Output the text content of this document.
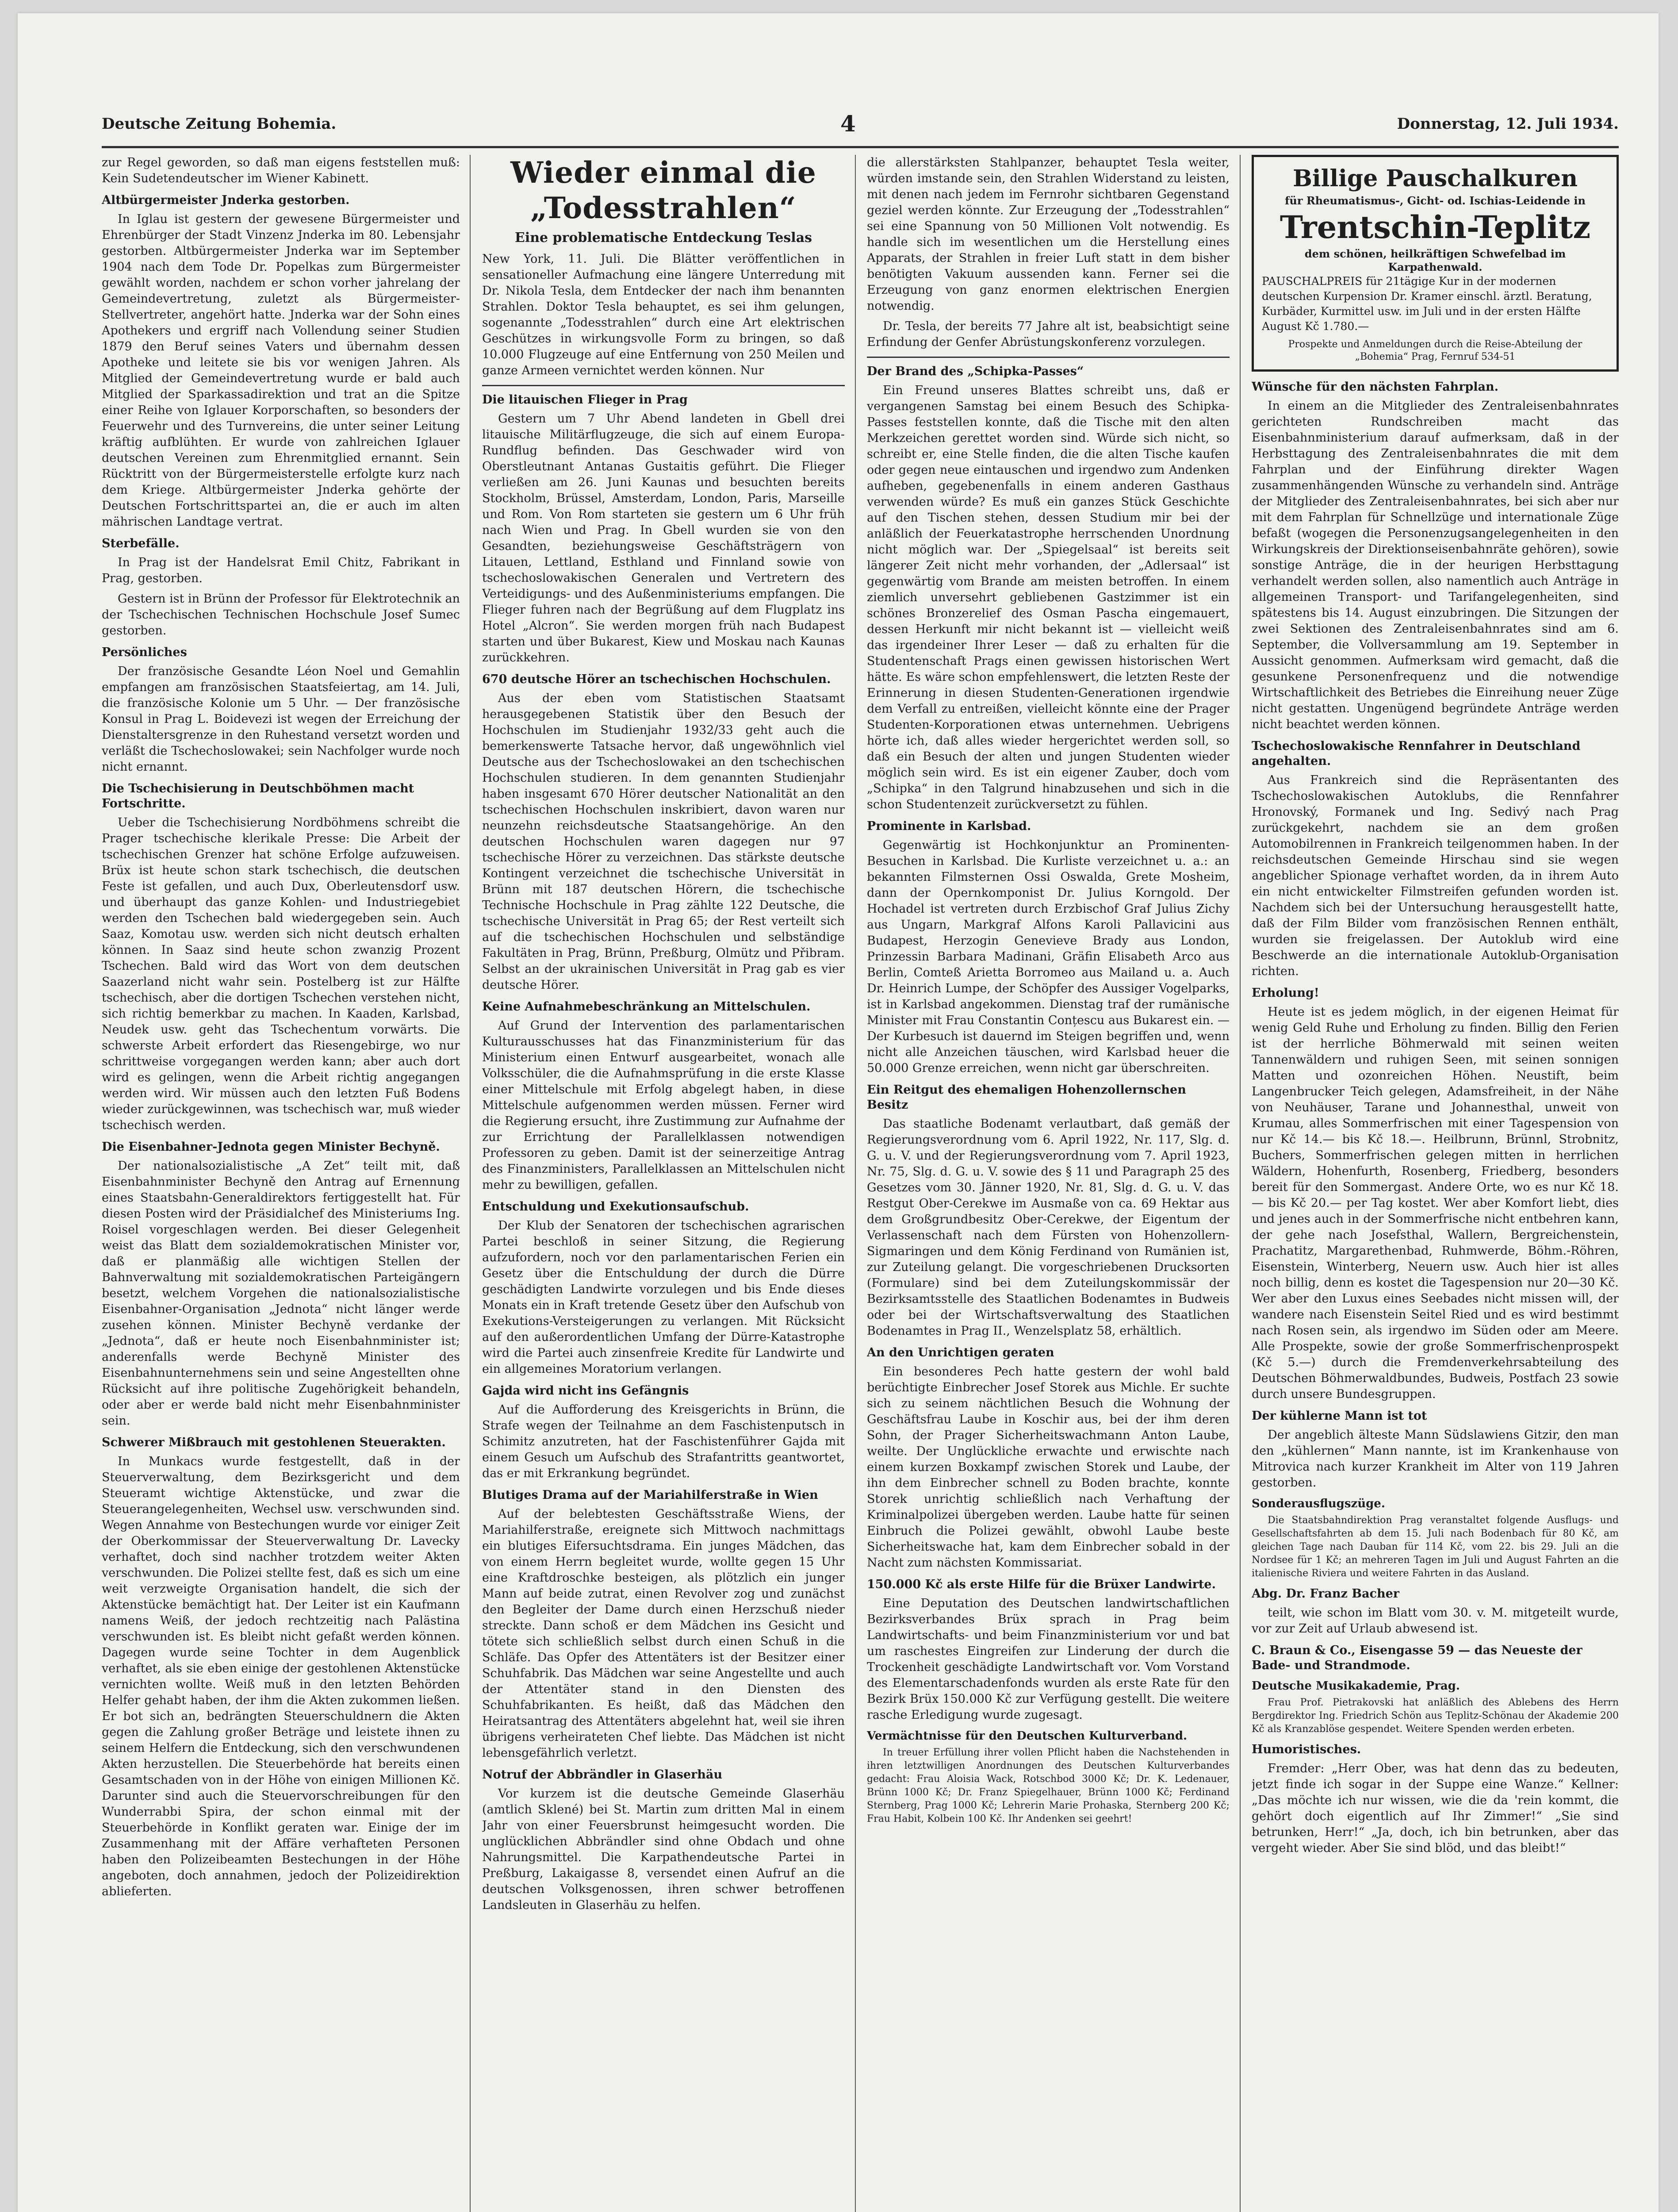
Deutsche Zeitung Bohemia.	4	Donnerstag, 12. Juli 1934.

zur Regel geworden, so daß man eigens feststellen muß: Kein Sudetendeutscher im Wiener Kabinett.

Altbürgermeister Jnderka gestorben.

In Iglau ist gestern der gewesene Bürgermeister und Ehrenbürger der Stadt Vinzenz Jnderka im 80. Lebensjahr gestorben. Altbürgermeister Jnderka war im September 1904 nach dem Tode Dr. Popelkas zum Bürgermeister gewählt worden, nachdem er schon vorher jahrelang der Gemeindevertretung, zuletzt als Bürgermeister-Stellvertreter, angehört hatte. Jnderka war der Sohn eines Apothekers und ergriff nach Vollendung seiner Studien 1879 den Beruf seines Vaters und übernahm dessen Apotheke und leitete sie bis vor wenigen Jahren. Als Mitglied der Gemeindevertretung wurde er bald auch Mitglied der Sparkassadirektion und trat an die Spitze einer Reihe von Iglauer Korporschaften, so besonders der Feuerwehr und des Turnvereins, die unter seiner Leitung kräftig aufblühten. Er wurde von zahlreichen Iglauer deutschen Vereinen zum Ehrenmitglied ernannt. Sein Rücktritt von der Bürgermeisterstelle erfolgte kurz nach dem Kriege. Altbürgermeister Jnderka gehörte der Deutschen Fortschrittspartei an, die er auch im alten mährischen Landtage vertrat.

Sterbefälle.

In Prag ist der Handelsrat Emil Chitz, Fabrikant in Prag, gestorben.

Gestern ist in Brünn der Professor für Elektrotechnik an der Tschechischen Technischen Hochschule Josef Sumec gestorben.

Persönliches

Der französische Gesandte Léon Noel und Gemahlin empfangen am französischen Staatsfeiertag, am 14. Juli, die französische Kolonie um 5 Uhr. — Der französische Konsul in Prag L. Boidevezi ist wegen der Erreichung der Dienstaltersgrenze in den Ruhestand versetzt worden und verläßt die Tschechoslowakei; sein Nachfolger wurde noch nicht ernannt.

Die Tschechisierung in Deutschböhmen macht Fortschritte.

Ueber die Tschechisierung Nordböhmens schreibt die Prager tschechische klerikale Presse: Die Arbeit der tschechischen Grenzer hat schöne Erfolge aufzuweisen. Brüx ist heute schon stark tschechisch, die deutschen Feste ist gefallen, und auch Dux, Oberleutensdorf usw. und überhaupt das ganze Kohlen- und Industriegebiet werden den Tschechen bald wiedergegeben sein. Auch Saaz, Komotau usw. werden sich nicht deutsch erhalten können. In Saaz sind heute schon zwanzig Prozent Tschechen. Bald wird das Wort von dem deutschen Saazerland nicht wahr sein. Postelberg ist zur Hälfte tschechisch, aber die dortigen Tschechen verstehen nicht, sich richtig bemerkbar zu machen. In Kaaden, Karlsbad, Neudek usw. geht das Tschechentum vorwärts. Die schwerste Arbeit erfordert das Riesengebirge, wo nur schrittweise vorgegangen werden kann; aber auch dort wird es gelingen, wenn die Arbeit richtig angegangen werden wird. Wir müssen auch den letzten Fuß Bodens wieder zurückgewinnen, was tschechisch war, muß wieder tschechisch werden.

Die Eisenbahner-Jednota gegen Minister Bechyně.

Der nationalsozialistische „A Zet“ teilt mit, daß Eisenbahnminister Bechyně den Antrag auf Ernennung eines Staatsbahn-Generaldirektors fertiggestellt hat. Für diesen Posten wird der Präsidialchef des Ministeriums Ing. Roisel vorgeschlagen werden. Bei dieser Gelegenheit weist das Blatt dem sozialdemokratischen Minister vor, daß er planmäßig alle wichtigen Stellen der Bahnverwaltung mit sozialdemokratischen Parteigängern besetzt, welchem Vorgehen die nationalsozialistische Eisenbahner-Organisation „Jednota“ nicht länger werde zusehen können. Minister Bechyně verdanke der „Jednota“, daß er heute noch Eisenbahnminister ist; anderenfalls werde Bechyně Minister des Eisenbahnunternehmens sein und seine Angestellten ohne Rücksicht auf ihre politische Zugehörigkeit behandeln, oder aber er werde bald nicht mehr Eisenbahnminister sein.

Schwerer Mißbrauch mit gestohlenen Steuerakten.

In Munkacs wurde festgestellt, daß in der Steuerverwaltung, dem Bezirksgericht und dem Steueramt wichtige Aktenstücke, und zwar die Steuerangelegenheiten, Wechsel usw. verschwunden sind. Wegen Annahme von Bestechungen wurde vor einiger Zeit der Oberkommissar der Steuerverwaltung Dr. Lavecky verhaftet, doch sind nachher trotzdem weiter Akten verschwunden. Die Polizei stellte fest, daß es sich um eine weit verzweigte Organisation handelt, die sich der Aktenstücke bemächtigt hat. Der Leiter ist ein Kaufmann namens Weiß, der jedoch rechtzeitig nach Palästina verschwunden ist. Es bleibt nicht gefaßt werden können. Dagegen wurde seine Tochter in dem Augenblick verhaftet, als sie eben einige der gestohlenen Aktenstücke vernichten wollte. Weiß muß in den letzten Behörden Helfer gehabt haben, der ihm die Akten zukommen ließen. Er bot sich an, bedrängten Steuerschuldnern die Akten gegen die Zahlung großer Beträge und leistete ihnen zu seinem Helfern die Entdeckung, sich den verschwundenen Akten herzustellen. Die Steuerbehörde hat bereits einen Gesamtschaden von in der Höhe von einigen Millionen Kč. Darunter sind auch die Steuervorschreibungen für den Wunderrabbi Spira, der schon einmal mit der Steuerbehörde in Konflikt geraten war. Einige der im Zusammenhang mit der Affäre verhafteten Personen haben den Polizeibeamten Bestechungen in der Höhe angeboten, doch annahmen, jedoch der Polizeidirektion ablieferten.

Wieder einmal die „Todesstrahlen“
Eine problematische Entdeckung Teslas

New York, 11. Juli. Die Blätter veröffentlichen in sensationeller Aufmachung eine längere Unterredung mit Dr. Nikola Tesla, dem Entdecker der nach ihm benannten Strahlen. Doktor Tesla behauptet, es sei ihm gelungen, sogenannte „Todesstrahlen“ durch eine Art elektrischen Geschützes in wirkungsvolle Form zu bringen, so daß 10.000 Flugzeuge auf eine Entfernung von 250 Meilen und ganze Armeen vernichtet werden können. Nur

Die litauischen Flieger in Prag

Gestern um 7 Uhr Abend landeten in Gbell drei litauische Militärflugzeuge, die sich auf einem Europa-Rundflug befinden. Das Geschwader wird von Oberstleutnant Antanas Gustaitis geführt. Die Flieger verließen am 26. Juni Kaunas und besuchten bereits Stockholm, Brüssel, Amsterdam, London, Paris, Marseille und Rom. Von Rom starteten sie gestern um 6 Uhr früh nach Wien und Prag. In Gbell wurden sie von den Gesandten, beziehungsweise Geschäftsträgern von Litauen, Lettland, Esthland und Finnland sowie von tschechoslowakischen Generalen und Vertretern des Verteidigungs- und des Außenministeriums empfangen. Die Flieger fuhren nach der Begrüßung auf dem Flugplatz ins Hotel „Alcron“. Sie werden morgen früh nach Budapest starten und über Bukarest, Kiew und Moskau nach Kaunas zurückkehren.

670 deutsche Hörer an tschechischen Hochschulen.

Aus der eben vom Statistischen Staatsamt herausgegebenen Statistik über den Besuch der Hochschulen im Studienjahr 1932/33 geht auch die bemerkenswerte Tatsache hervor, daß ungewöhnlich viel Deutsche aus der Tschechoslowakei an den tschechischen Hochschulen studieren. In dem genannten Studienjahr haben insgesamt 670 Hörer deutscher Nationalität an den tschechischen Hochschulen inskribiert, davon waren nur neunzehn reichsdeutsche Staatsangehörige. An den deutschen Hochschulen waren dagegen nur 97 tschechische Hörer zu verzeichnen. Das stärkste deutsche Kontingent verzeichnet die tschechische Universität in Brünn mit 187 deutschen Hörern, die tschechische Technische Hochschule in Prag zählte 122 Deutsche, die tschechische Universität in Prag 65; der Rest verteilt sich auf die tschechischen Hochschulen und selbständige Fakultäten in Prag, Brünn, Preßburg, Olmütz und Přibram. Selbst an der ukrainischen Universität in Prag gab es vier deutsche Hörer.

Keine Aufnahmebeschränkung an Mittelschulen.

Auf Grund der Intervention des parlamentarischen Kulturausschusses hat das Finanzministerium für das Ministerium einen Entwurf ausgearbeitet, wonach alle Volksschüler, die die Aufnahmsprüfung in die erste Klasse einer Mittelschule mit Erfolg abgelegt haben, in diese Mittelschule aufgenommen werden müssen. Ferner wird die Regierung ersucht, ihre Zustimmung zur Aufnahme der zur Errichtung der Parallelklassen notwendigen Professoren zu geben. Damit ist der seinerzeitige Antrag des Finanzministers, Parallelklassen an Mittelschulen nicht mehr zu bewilligen, gefallen.

Entschuldung und Exekutionsaufschub.

Der Klub der Senatoren der tschechischen agrarischen Partei beschloß in seiner Sitzung, die Regierung aufzufordern, noch vor den parlamentarischen Ferien ein Gesetz über die Entschuldung der durch die Dürre geschädigten Landwirte vorzulegen und bis Ende dieses Monats ein in Kraft tretende Gesetz über den Aufschub von Exekutions-Versteigerungen zu verlangen. Mit Rücksicht auf den außerordentlichen Umfang der Dürre-Katastrophe wird die Partei auch zinsenfreie Kredite für Landwirte und ein allgemeines Moratorium verlangen.

Gajda wird nicht ins Gefängnis

Auf die Aufforderung des Kreisgerichts in Brünn, die Strafe wegen der Teilnahme an dem Faschistenputsch in Schimitz anzutreten, hat der Faschistenführer Gajda mit einem Gesuch um Aufschub des Strafantritts geantwortet, das er mit Erkrankung begründet.

Blutiges Drama auf der Mariahilferstraße in Wien

Auf der belebtesten Geschäftsstraße Wiens, der Mariahilferstraße, ereignete sich Mittwoch nachmittags ein blutiges Eifersuchtsdrama. Ein junges Mädchen, das von einem Herrn begleitet wurde, wollte gegen 15 Uhr eine Kraftdroschke besteigen, als plötzlich ein junger Mann auf beide zutrat, einen Revolver zog und zunächst den Begleiter der Dame durch einen Herzschuß nieder streckte. Dann schoß er dem Mädchen ins Gesicht und tötete sich schließlich selbst durch einen Schuß in die Schläfe. Das Opfer des Attentäters ist der Besitzer einer Schuhfabrik. Das Mädchen war seine Angestellte und auch der Attentäter stand in den Diensten des Schuhfabrikanten. Es heißt, daß das Mädchen den Heiratsantrag des Attentäters abgelehnt hat, weil sie ihren übrigens verheirateten Chef liebte. Das Mädchen ist nicht lebensgefährlich verletzt.

Notruf der Abbrändler in Glaserhäu

Vor kurzem ist die deutsche Gemeinde Glaserhäu (amtlich Sklené) bei St. Martin zum dritten Mal in einem Jahr von einer Feuersbrunst heimgesucht worden. Die unglücklichen Abbrändler sind ohne Obdach und ohne Nahrungsmittel. Die Karpathendeutsche Partei in Preßburg, Lakaigasse 8, versendet einen Aufruf an die deutschen Volksgenossen, ihren schwer betroffenen Landsleuten in Glaserhäu zu helfen.

die allerstärksten Stahlpanzer, behauptet Tesla weiter, würden imstande sein, den Strahlen Widerstand zu leisten, mit denen nach jedem im Fernrohr sichtbaren Gegenstand geziel werden könnte. Zur Erzeugung der „Todesstrahlen“ sei eine Spannung von 50 Millionen Volt notwendig. Es handle sich im wesentlichen um die Herstellung eines Apparats, der Strahlen in freier Luft statt in dem bisher benötigten Vakuum aussenden kann. Ferner sei die Erzeugung von ganz enormen elektrischen Energien notwendig.

Dr. Tesla, der bereits 77 Jahre alt ist, beabsichtigt seine Erfindung der Genfer Abrüstungskonferenz vorzulegen.

Der Brand des „Schipka-Passes“

Ein Freund unseres Blattes schreibt uns, daß er vergangenen Samstag bei einem Besuch des Schipka-Passes feststellen konnte, daß die Tische mit den alten Merkzeichen gerettet worden sind. Würde sich nicht, so schreibt er, eine Stelle finden, die die alten Tische kaufen oder gegen neue eintauschen und irgendwo zum Andenken aufheben, gegebenenfalls in einem anderen Gasthaus verwenden würde? Es muß ein ganzes Stück Geschichte auf den Tischen stehen, dessen Studium mir bei der anläßlich der Feuerkatastrophe herrschenden Unordnung nicht möglich war. Der „Spiegelsaal“ ist bereits seit längerer Zeit nicht mehr vorhanden, der „Adlersaal“ ist gegenwärtig vom Brande am meisten betroffen. In einem ziemlich unversehrt gebliebenen Gastzimmer ist ein schönes Bronzerelief des Osman Pascha eingemauert, dessen Herkunft mir nicht bekannt ist — vielleicht weiß das irgendeiner Ihrer Leser — daß zu erhalten für die Studentenschaft Prags einen gewissen historischen Wert hätte. Es wäre schon empfehlenswert, die letzten Reste der Erinnerung in diesen Studenten-Generationen irgendwie dem Verfall zu entreißen, vielleicht könnte eine der Prager Studenten-Korporationen etwas unternehmen. Uebrigens hörte ich, daß alles wieder hergerichtet werden soll, so daß ein Besuch der alten und jungen Studenten wieder möglich sein wird. Es ist ein eigener Zauber, doch vom „Schipka“ in den Talgrund hinabzusehen und sich in die schon Studentenzeit zurückversetzt zu fühlen.

Prominente in Karlsbad.

Gegenwärtig ist Hochkonjunktur an Prominenten-Besuchen in Karlsbad. Die Kurliste verzeichnet u. a.: an bekannten Filmsternen Ossi Oswalda, Grete Mosheim, dann der Opernkomponist Dr. Julius Korngold. Der Hochadel ist vertreten durch Erzbischof Graf Julius Zichy aus Ungarn, Markgraf Alfons Karoli Pallavicini aus Budapest, Herzogin Genevieve Brady aus London, Prinzessin Barbara Madinani, Gräfin Elisabeth Arco aus Berlin, Comteß Arietta Borromeo aus Mailand u. a. Auch Dr. Heinrich Lumpe, der Schöpfer des Aussiger Vogelparks, ist in Karlsbad angekommen. Dienstag traf der rumänische Minister mit Frau Constantin Conțescu aus Bukarest ein. — Der Kurbesuch ist dauernd im Steigen begriffen und, wenn nicht alle Anzeichen täuschen, wird Karlsbad heuer die 50.000 Grenze erreichen, wenn nicht gar überschreiten.

Ein Reitgut des ehemaligen Hohenzollernschen Besitz

Das staatliche Bodenamt verlautbart, daß gemäß der Regierungsverordnung vom 6. April 1922, Nr. 117, Slg. d. G. u. V. und der Regierungsverordnung vom 7. April 1923, Nr. 75, Slg. d. G. u. V. sowie des § 11 und Paragraph 25 des Gesetzes vom 30. Jänner 1920, Nr. 81, Slg. d. G. u. V. das Restgut Ober-Cerekwe im Ausmaße von ca. 69 Hektar aus dem Großgrundbesitz Ober-Cerekwe, der Eigentum der Verlassenschaft nach dem Fürsten von Hohenzollern-Sigmaringen und dem König Ferdinand von Rumänien ist, zur Zuteilung gelangt. Die vorgeschriebenen Drucksorten (Formulare) sind bei dem Zuteilungskommissär der Bezirksamtsstelle des Staatlichen Bodenamtes in Budweis oder bei der Wirtschaftsverwaltung des Staatlichen Bodenamtes in Prag II., Wenzelsplatz 58, erhältlich.

An den Unrichtigen geraten

Ein besonderes Pech hatte gestern der wohl bald berüchtigte Einbrecher Josef Storek aus Michle. Er suchte sich zu seinem nächtlichen Besuch die Wohnung der Geschäftsfrau Laube in Koschir aus, bei der ihm deren Sohn, der Prager Sicherheitswachmann Anton Laube, weilte. Der Unglückliche erwachte und erwischte nach einem kurzen Boxkampf zwischen Storek und Laube, der ihn dem Einbrecher schnell zu Boden brachte, konnte Storek unrichtig schließlich nach Verhaftung der Kriminalpolizei übergeben werden. Laube hatte für seinen Einbruch die Polizei gewählt, obwohl Laube beste Sicherheitswache hat, kam dem Einbrecher sobald in der Nacht zum nächsten Kommissariat.

150.000 Kč als erste Hilfe für die Brüxer Landwirte.

Eine Deputation des Deutschen landwirtschaftlichen Bezirksverbandes Brüx sprach in Prag beim Landwirtschafts- und beim Finanzministerium vor und bat um raschestes Eingreifen zur Linderung der durch die Trockenheit geschädigte Landwirtschaft vor. Vom Vorstand des Elementarschadenfonds wurden als erste Rate für den Bezirk Brüx 150.000 Kč zur Verfügung gestellt. Die weitere rasche Erledigung wurde zugesagt.

Vermächtnisse für den Deutschen Kulturverband.

In treuer Erfüllung ihrer vollen Pflicht haben die Nachstehenden in ihren letztwilligen Anordnungen des Deutschen Kulturverbandes gedacht: Frau Aloisia Wack, Rotschbod 3000 Kč; Dr. K. Ledenauer, Brünn 1000 Kč; Dr. Franz Spiegelhauer, Brünn 1000 Kč; Ferdinand Sternberg, Prag 1000 Kč; Lehrerin Marie Prohaska, Sternberg 200 Kč; Frau Habit, Kolbein 100 Kč. Ihr Andenken sei geehrt!

Billige Pauschalkuren
für Rheumatismus-, Gicht- od. Ischias-Leidende in
Trentschin-Teplitz
dem schönen, heilkräftigen Schwefelbad im Karpathenwald.
PAUSCHALPREIS für 21tägige Kur in der modernen deutschen Kurpension Dr. Kramer einschl. ärztl. Beratung, Kurbäder, Kurmittel usw. im Juli und in der ersten Hälfte August Kč 1.780.—
Prospekte und Anmeldungen durch die Reise-Abteilung der „Bohemia“ Prag, Fernruf 534-51
Wünsche für den nächsten Fahrplan.

In einem an die Mitglieder des Zentraleisenbahnrates gerichteten Rundschreiben macht das Eisenbahnministerium darauf aufmerksam, daß in der Herbsttagung des Zentraleisenbahnrates die mit dem Fahrplan und der Einführung direkter Wagen zusammenhängenden Wünsche zu verhandeln sind. Anträge der Mitglieder des Zentraleisenbahnrates, bei sich aber nur mit dem Fahrplan für Schnellzüge und internationale Züge befaßt (wogegen die Personenzugsangelegenheiten in den Wirkungskreis der Direktionseisenbahnräte gehören), sowie sonstige Anträge, die in der heurigen Herbsttagung verhandelt werden sollen, also namentlich auch Anträge in allgemeinen Transport- und Tarifangelegenheiten, sind spätestens bis 14. August einzubringen. Die Sitzungen der zwei Sektionen des Zentraleisenbahnrates sind am 6. September, die Vollversammlung am 19. September in Aussicht genommen. Aufmerksam wird gemacht, daß die gesunkene Personenfrequenz und die notwendige Wirtschaftlichkeit des Betriebes die Einreihung neuer Züge nicht gestatten. Ungenügend begründete Anträge werden nicht beachtet werden können.

Tschechoslowakische Rennfahrer in Deutschland angehalten.

Aus Frankreich sind die Repräsentanten des Tschechoslowakischen Autoklubs, die Rennfahrer Hronovský, Formanek und Ing. Sedivý nach Prag zurückgekehrt, nachdem sie an dem großen Automobilrennen in Frankreich teilgenommen haben. In der reichsdeutschen Gemeinde Hirschau sind sie wegen angeblicher Spionage verhaftet worden, da in ihrem Auto ein nicht entwickelter Filmstreifen gefunden worden ist. Nachdem sich bei der Untersuchung herausgestellt hatte, daß der Film Bilder vom französischen Rennen enthält, wurden sie freigelassen. Der Autoklub wird eine Beschwerde an die internationale Autoklub-Organisation richten.

Erholung!

Heute ist es jedem möglich, in der eigenen Heimat für wenig Geld Ruhe und Erholung zu finden. Billig den Ferien ist der herrliche Böhmerwald mit seinen weiten Tannenwäldern und ruhigen Seen, mit seinen sonnigen Matten und ozonreichen Höhen. Neustift, beim Langenbrucker Teich gelegen, Adamsfreiheit, in der Nähe von Neuhäuser, Tarane und Johannesthal, unweit von Krumau, alles Sommerfrischen mit einer Tagespension von nur Kč 14.— bis Kč 18.—. Heilbrunn, Brünnl, Strobnitz, Buchers, Sommerfrischen gelegen mitten in herrlichen Wäldern, Hohenfurth, Rosenberg, Friedberg, besonders bereit für den Sommergast. Andere Orte, wo es nur Kč 18.— bis Kč 20.— per Tag kostet. Wer aber Komfort liebt, dies und jenes auch in der Sommerfrische nicht entbehren kann, der gehe nach Josefsthal, Wallern, Bergreichenstein, Prachatitz, Margarethenbad, Ruhmwerde, Böhm.-Röhren, Eisenstein, Winterberg, Neuern usw. Auch hier ist alles noch billig, denn es kostet die Tagespension nur 20—30 Kč. Wer aber den Luxus eines Seebades nicht missen will, der wandere nach Eisenstein Seitel Ried und es wird bestimmt nach Rosen sein, als irgendwo im Süden oder am Meere. Alle Prospekte, sowie der große Sommerfrischenprospekt (Kč 5.—) durch die Fremdenverkehrsabteilung des Deutschen Böhmerwaldbundes, Budweis, Postfach 23 sowie durch unsere Bundesgruppen.

Der kühlerne Mann ist tot

Der angeblich älteste Mann Südslawiens Gitzir, den man den „kühlernen“ Mann nannte, ist im Krankenhause von Mitrovica nach kurzer Krankheit im Alter von 119 Jahren gestorben.

Sonderausflugszüge.

Die Staatsbahndirektion Prag veranstaltet folgende Ausflugs- und Gesellschaftsfahrten ab dem 15. Juli nach Bodenbach für 80 Kč, am gleichen Tage nach Dauban für 114 Kč, vom 22. bis 29. Juli an die Nordsee für 1 Kč; an mehreren Tagen im Juli und August Fahrten an die italienische Riviera und weitere Fahrten in das Ausland.

Abg. Dr. Franz Bacher

teilt, wie schon im Blatt vom 30. v. M. mitgeteilt wurde, vor zur Zeit auf Urlaub abwesend ist.

C. Braun & Co., Eisengasse 59 — das Neueste der Bade- und Strandmode.
Deutsche Musikakademie, Prag.

Frau Prof. Pietrakovski hat anläßlich des Ablebens des Herrn Bergdirektor Ing. Friedrich Schön aus Teplitz-Schönau der Akademie 200 Kč als Kranzablöse gespendet. Weitere Spenden werden erbeten.

Humoristisches.

Fremder: „Herr Ober, was hat denn das zu bedeuten, jetzt finde ich sogar in der Suppe eine Wanze.“ Kellner: „Das möchte ich nur wissen, wie die da 'rein kommt, die gehört doch eigentlich auf Ihr Zimmer!“ „Sie sind betrunken, Herr!“ „Ja, doch, ich bin betrunken, aber das vergeht wieder. Aber Sie sind blöd, und das bleibt!“
